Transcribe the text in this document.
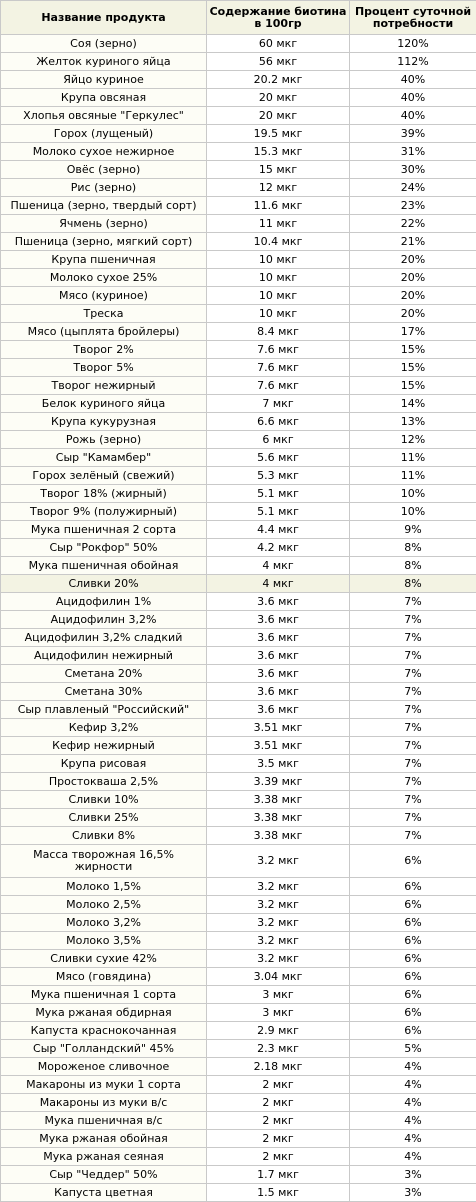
Название продукта	Содержание биотина в 100гр	Процент суточной потребности
Соя (зерно)	60 мкг	120%
Желток куриного яйца	56 мкг	112%
Яйцо куриное	20.2 мкг	40%
Крупа овсяная	20 мкг	40%
Хлопья овсяные "Геркулес"	20 мкг	40%
Горох (лущеный)	19.5 мкг	39%
Молоко сухое нежирное	15.3 мкг	31%
Овёс (зерно)	15 мкг	30%
Рис (зерно)	12 мкг	24%
Пшеница (зерно, твердый сорт)	11.6 мкг	23%
Ячмень (зерно)	11 мкг	22%
Пшеница (зерно, мягкий сорт)	10.4 мкг	21%
Крупа пшеничная	10 мкг	20%
Молоко сухое 25%	10 мкг	20%
Мясо (куриное)	10 мкг	20%
Треска	10 мкг	20%
Мясо (цыплята бройлеры)	8.4 мкг	17%
Творог 2%	7.6 мкг	15%
Творог 5%	7.6 мкг	15%
Творог нежирный	7.6 мкг	15%
Белок куриного яйца	7 мкг	14%
Крупа кукурузная	6.6 мкг	13%
Рожь (зерно)	6 мкг	12%
Сыр "Камамбер"	5.6 мкг	11%
Горох зелёный (свежий)	5.3 мкг	11%
Творог 18% (жирный)	5.1 мкг	10%
Творог 9% (полужирный)	5.1 мкг	10%
Мука пшеничная 2 сорта	4.4 мкг	9%
Сыр "Рокфор" 50%	4.2 мкг	8%
Мука пшеничная обойная	4 мкг	8%
Сливки 20%	4 мкг	8%
Ацидофилин 1%	3.6 мкг	7%
Ацидофилин 3,2%	3.6 мкг	7%
Ацидофилин 3,2% сладкий	3.6 мкг	7%
Ацидофилин нежирный	3.6 мкг	7%
Сметана 20%	3.6 мкг	7%
Сметана 30%	3.6 мкг	7%
Сыр плавленый "Российский"	3.6 мкг	7%
Кефир 3,2%	3.51 мкг	7%
Кефир нежирный	3.51 мкг	7%
Крупа рисовая	3.5 мкг	7%
Простокваша 2,5%	3.39 мкг	7%
Сливки 10%	3.38 мкг	7%
Сливки 25%	3.38 мкг	7%
Сливки 8%	3.38 мкг	7%
Масса творожная 16,5% жирности	3.2 мкг	6%
Молоко 1,5%	3.2 мкг	6%
Молоко 2,5%	3.2 мкг	6%
Молоко 3,2%	3.2 мкг	6%
Молоко 3,5%	3.2 мкг	6%
Сливки сухие 42%	3.2 мкг	6%
Мясо (говядина)	3.04 мкг	6%
Мука пшеничная 1 сорта	3 мкг	6%
Мука ржаная обдирная	3 мкг	6%
Капуста краснокочанная	2.9 мкг	6%
Сыр "Голландский" 45%	2.3 мкг	5%
Мороженое сливочное	2.18 мкг	4%
Макароны из муки 1 сорта	2 мкг	4%
Макароны из муки в/с	2 мкг	4%
Мука пшеничная в/с	2 мкг	4%
Мука ржаная обойная	2 мкг	4%
Мука ржаная сеяная	2 мкг	4%
Сыр "Чеддер" 50%	1.7 мкг	3%
Капуста цветная	1.5 мкг	3%
